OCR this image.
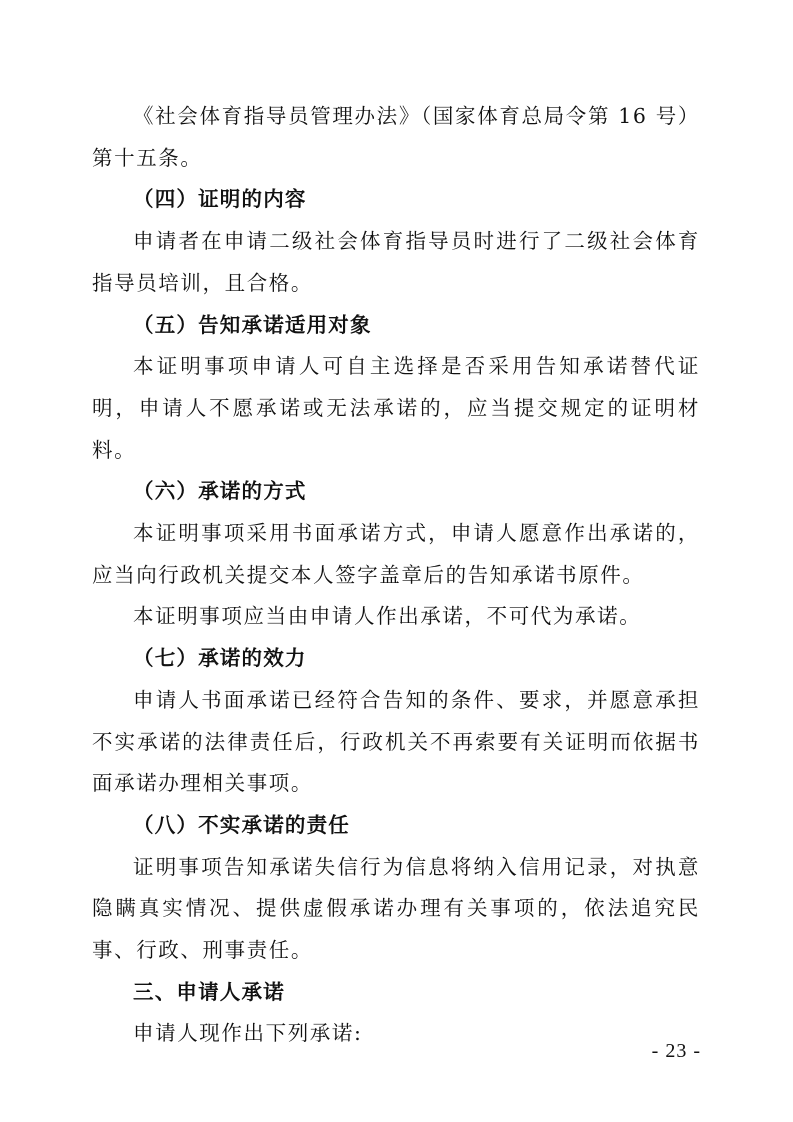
《社会体育指导员管理办法》（国家体育总局令第 16 号）第十五条。

（四）证明的内容

申请者在申请二级社会体育指导员时进行了二级社会体育指导员培训，且合格。

（五）告知承诺适用对象

本证明事项申请人可自主选择是否采用告知承诺替代证明，申请人不愿承诺或无法承诺的，应当提交规定的证明材料。

（六）承诺的方式

本证明事项采用书面承诺方式，申请人愿意作出承诺的，应当向行政机关提交本人签字盖章后的告知承诺书原件。

本证明事项应当由申请人作出承诺，不可代为承诺。

（七）承诺的效力

申请人书面承诺已经符合告知的条件、要求，并愿意承担不实承诺的法律责任后，行政机关不再索要有关证明而依据书面承诺办理相关事项。

（八）不实承诺的责任

证明事项告知承诺失信行为信息将纳入信用记录，对执意隐瞒真实情况、提供虚假承诺办理有关事项的，依法追究民事、行政、刑事责任。

三、申请人承诺

申请人现作出下列承诺:

- 23 -
